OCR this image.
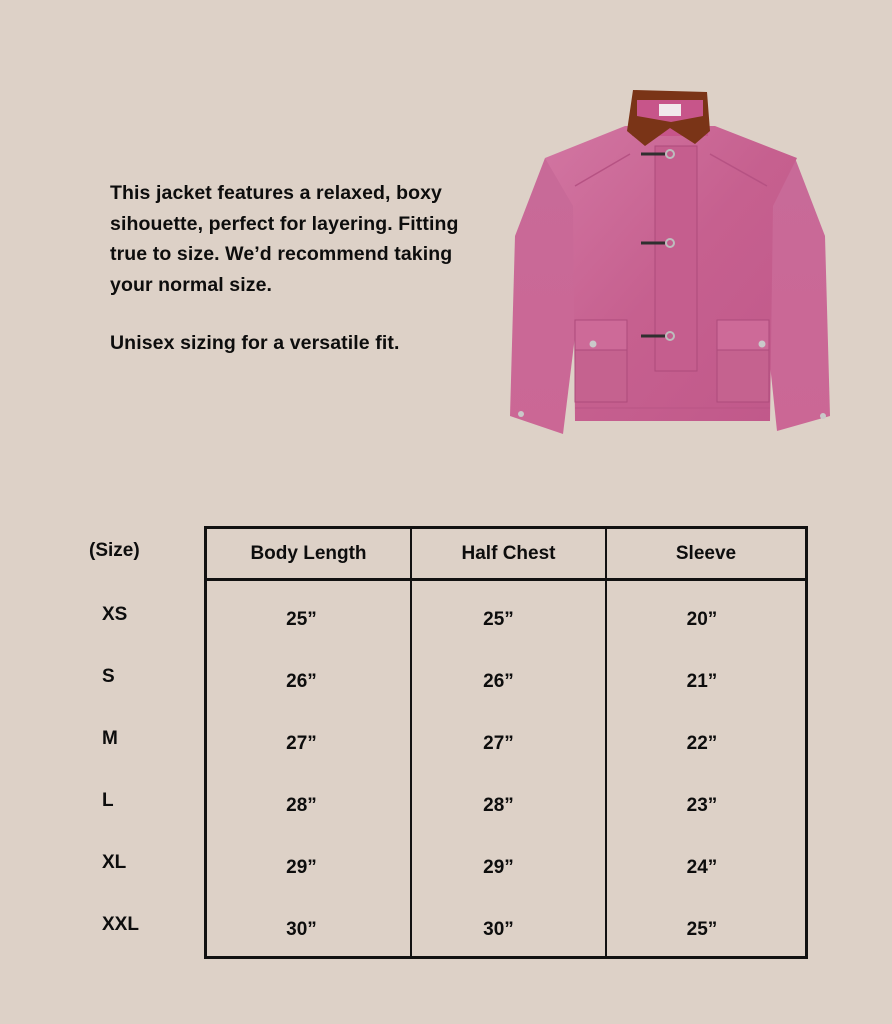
This jacket features a relaxed, boxy sihouette, perfect for layering. Fitting true to size. We’d recommend taking your normal size.

Unisex sizing for a versatile fit.

(Size)
XS
S
M
L
XL
XXL
Body Length	Half Chest	Sleeve
25”
26”
27”
28”
29”
30”
25”
26”
27”
28”
29”
30”
20”
21”
22”
23”
24”
25”
